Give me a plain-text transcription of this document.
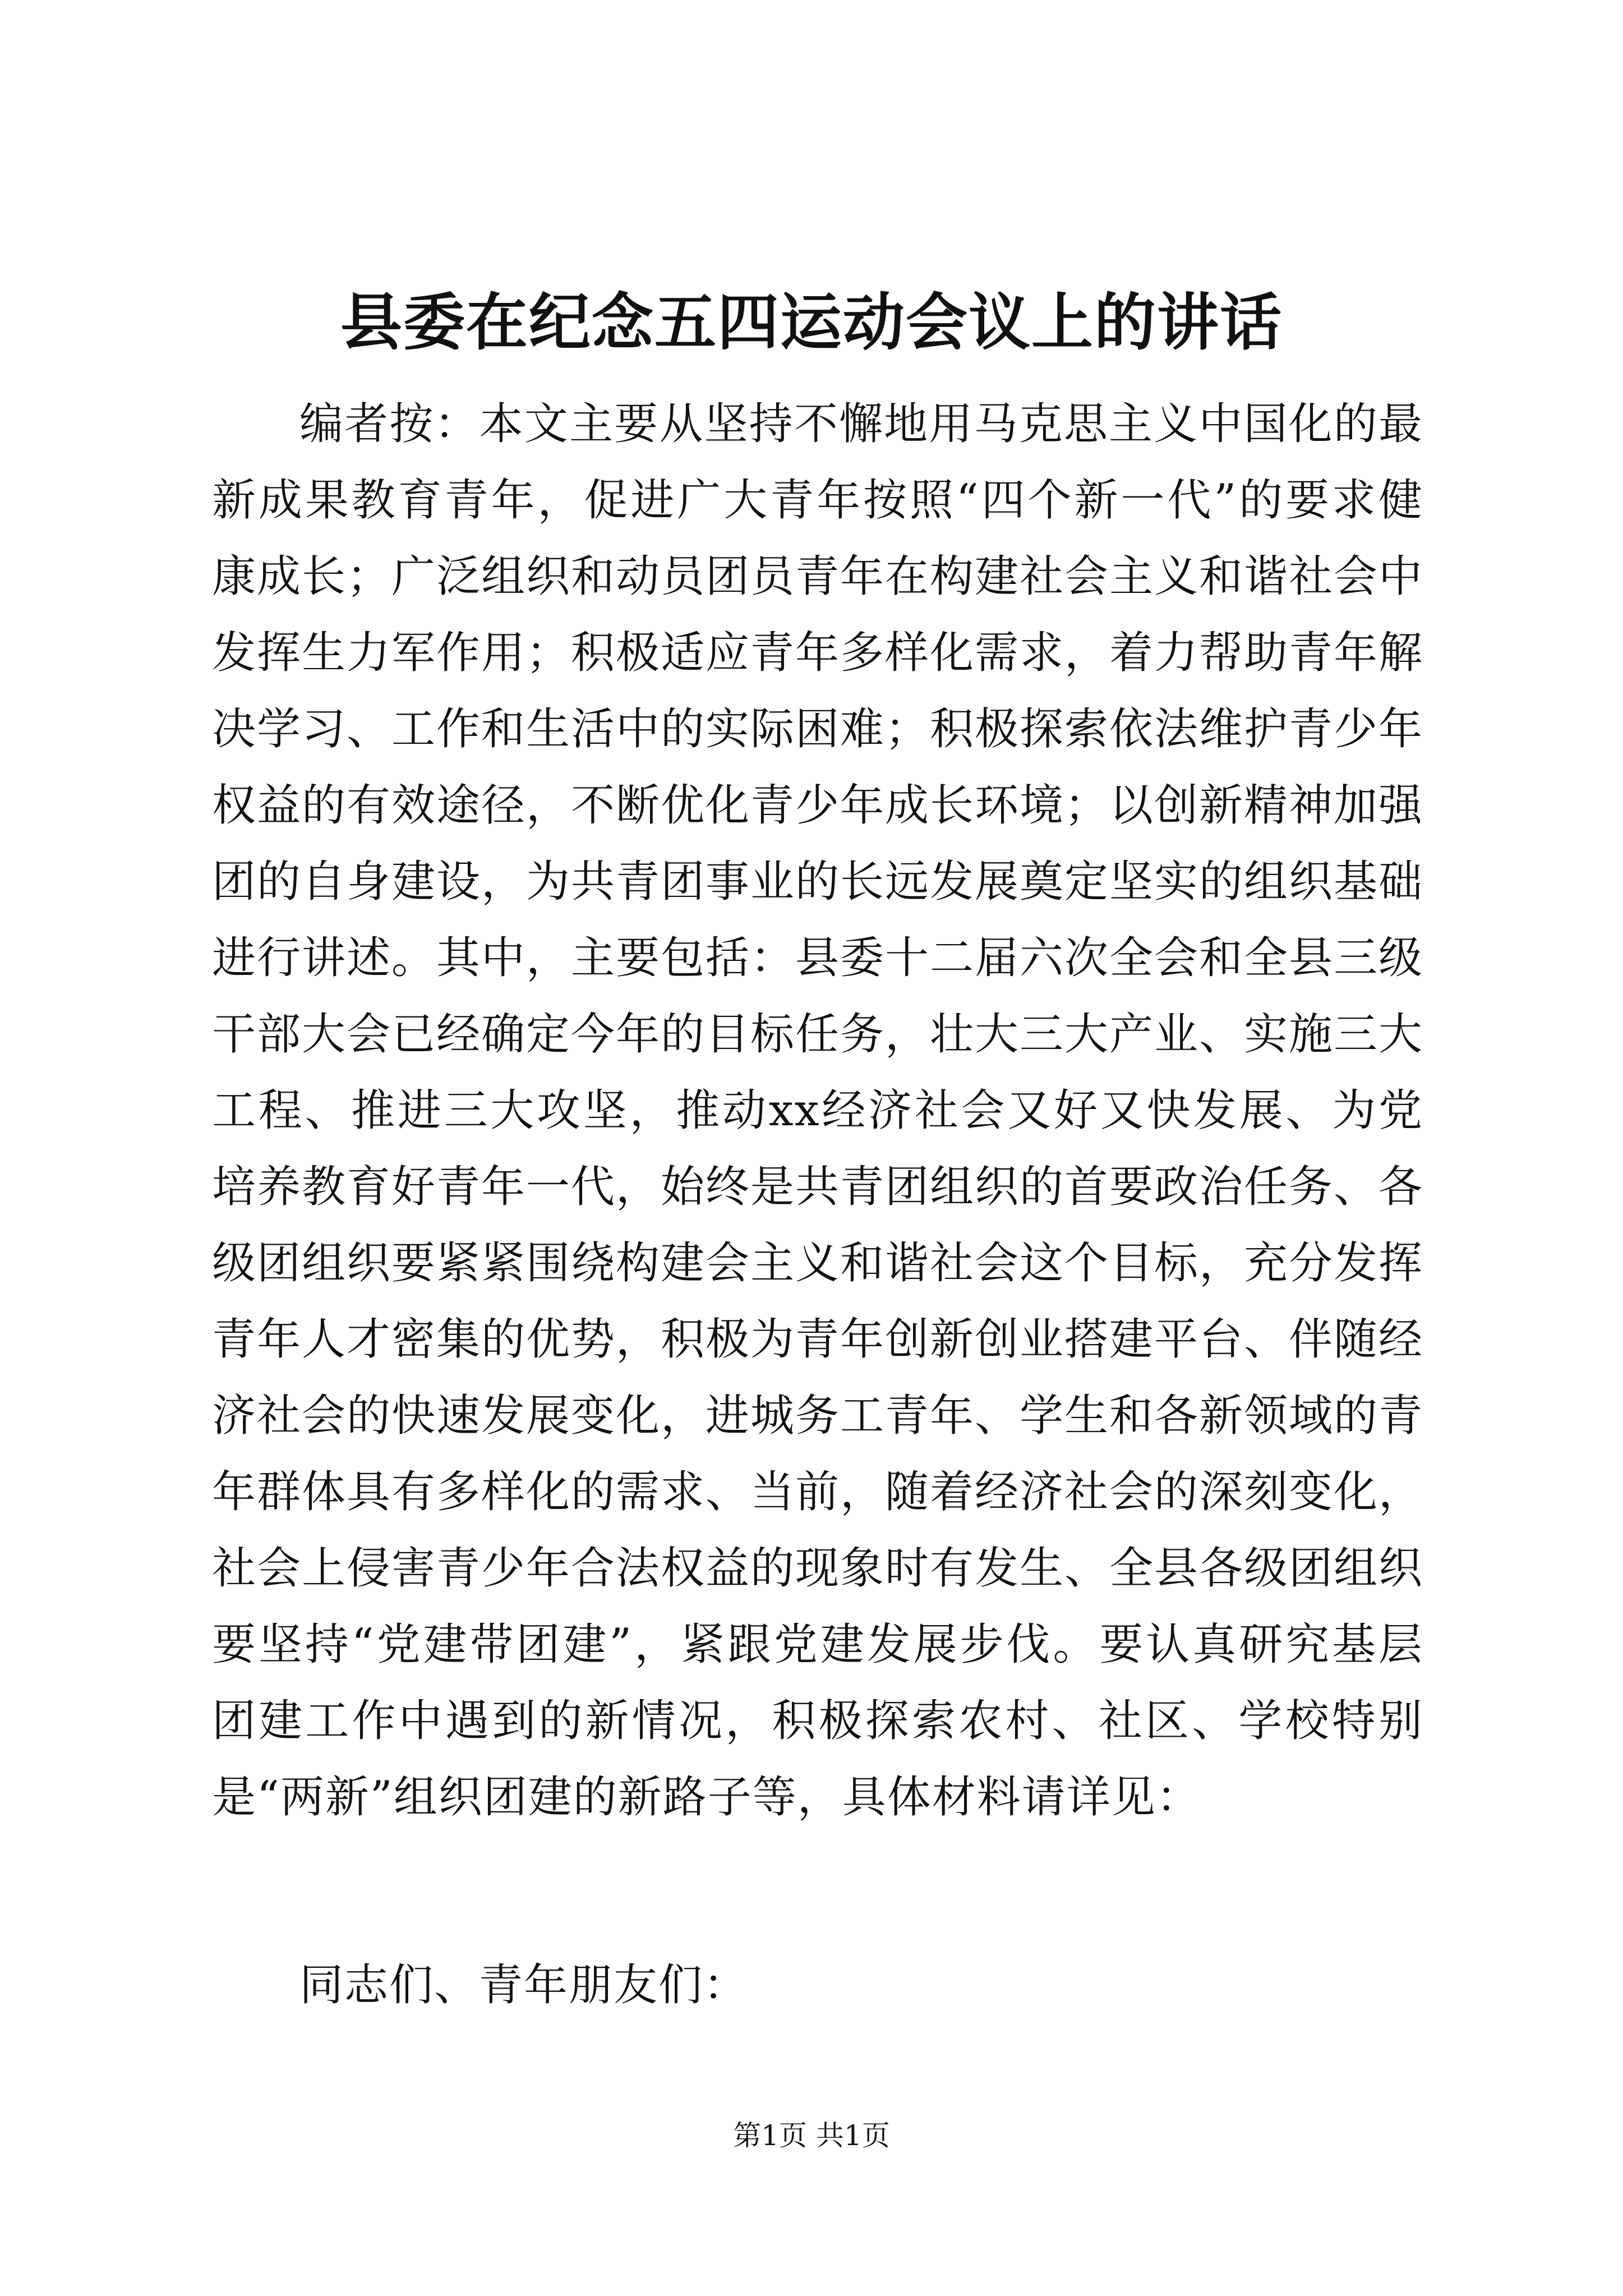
县委在纪念五四运动会议上的讲话

编者按：本文主要从坚持不懈地用马克思主义中国化的最新成果教育青年，促进广大青年按照“四个新一代”的要求健康成长；广泛组织和动员团员青年在构建社会主义和谐社会中发挥生力军作用；积极适应青年多样化需求，着力帮助青年解决学习、工作和生活中的实际困难；积极探索依法维护青少年权益的有效途径，不断优化青少年成长环境；以创新精神加强团的自身建设，为共青团事业的长远发展奠定坚实的组织基础进行讲述。其中，主要包括：县委十二届六次全会和全县三级干部大会已经确定今年的目标任务，壮大三大产业、实施三大工程、推进三大攻坚，推动xx经济社会又好又快发展、为党培养教育好青年一代，始终是共青团组织的首要政治任务、各级团组织要紧紧围绕构建会主义和谐社会这个目标，充分发挥青年人才密集的优势，积极为青年创新创业搭建平台、伴随经济社会的快速发展变化，进城务工青年、学生和各新领域的青年群体具有多样化的需求、当前，随着经济社会的深刻变化，社会上侵害青少年合法权益的现象时有发生、全县各级团组织要坚持“党建带团建”，紧跟党建发展步伐。要认真研究基层团建工作中遇到的新情况，积极探索农村、社区、学校特别是“两新”组织团建的新路子等，具体材料请详见：

同志们、青年朋友们：

第1页 共1页
